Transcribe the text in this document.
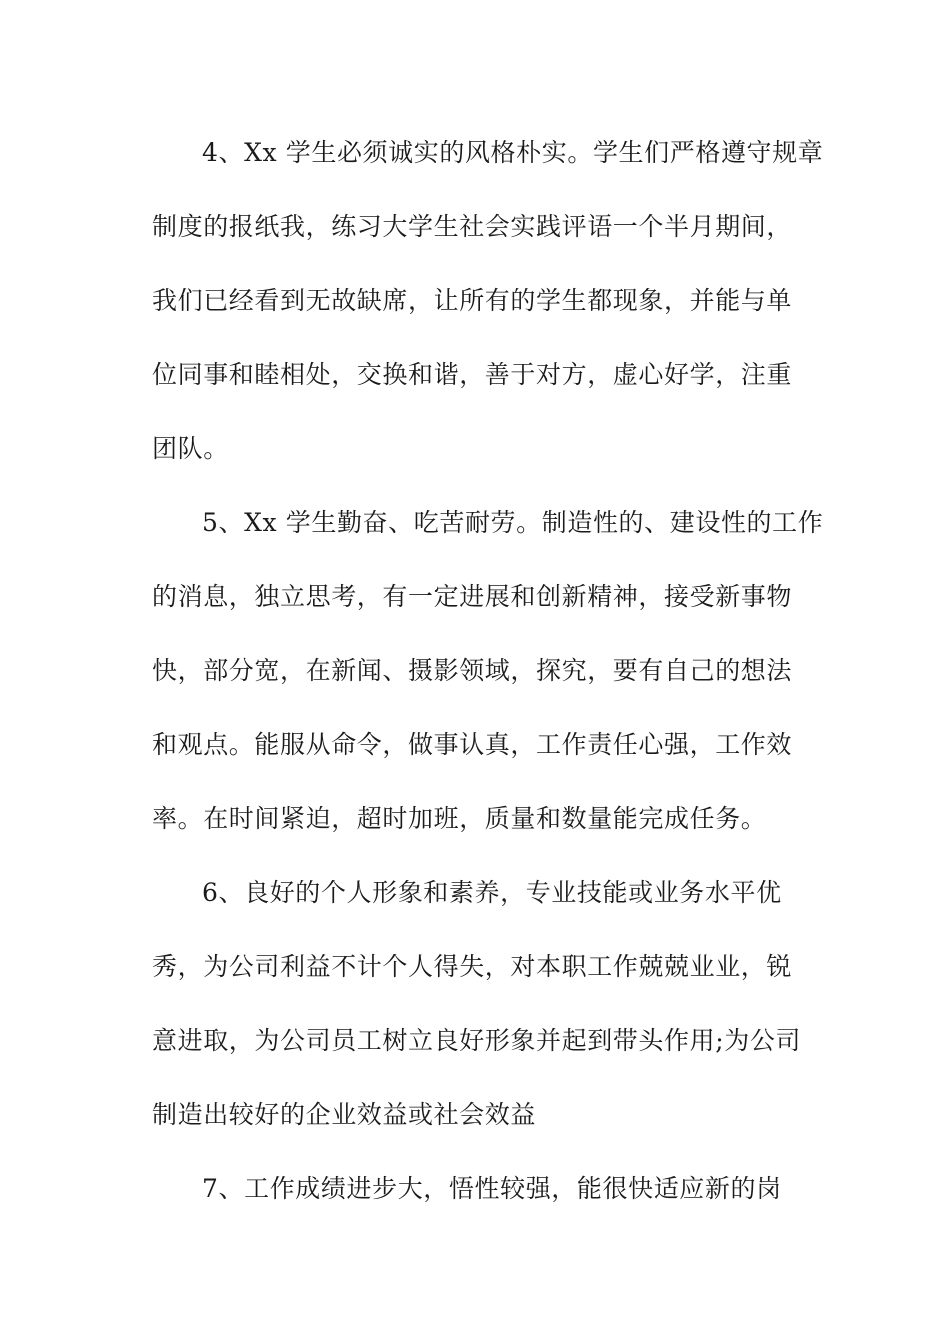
4、Xx 学生必须诚实的风格朴实。学生们严格遵守规章
制度的报纸我，练习大学生社会实践评语一个半月期间，
我们已经看到无故缺席，让所有的学生都现象，并能与单
位同事和睦相处，交换和谐，善于对方，虚心好学，注重
团队。
5、Xx 学生勤奋、吃苦耐劳。制造性的、建设性的工作
的消息，独立思考，有一定进展和创新精神，接受新事物
快，部分宽，在新闻、摄影领域，探究，要有自己的想法
和观点。能服从命令，做事认真，工作责任心强，工作效
率。在时间紧迫，超时加班，质量和数量能完成任务。
6、良好的个人形象和素养，专业技能或业务水平优
秀，为公司利益不计个人得失，对本职工作兢兢业业，锐
意进取，为公司员工树立良好形象并起到带头作用;为公司
制造出较好的企业效益或社会效益
7、工作成绩进步大，悟性较强，能很快适应新的岗
